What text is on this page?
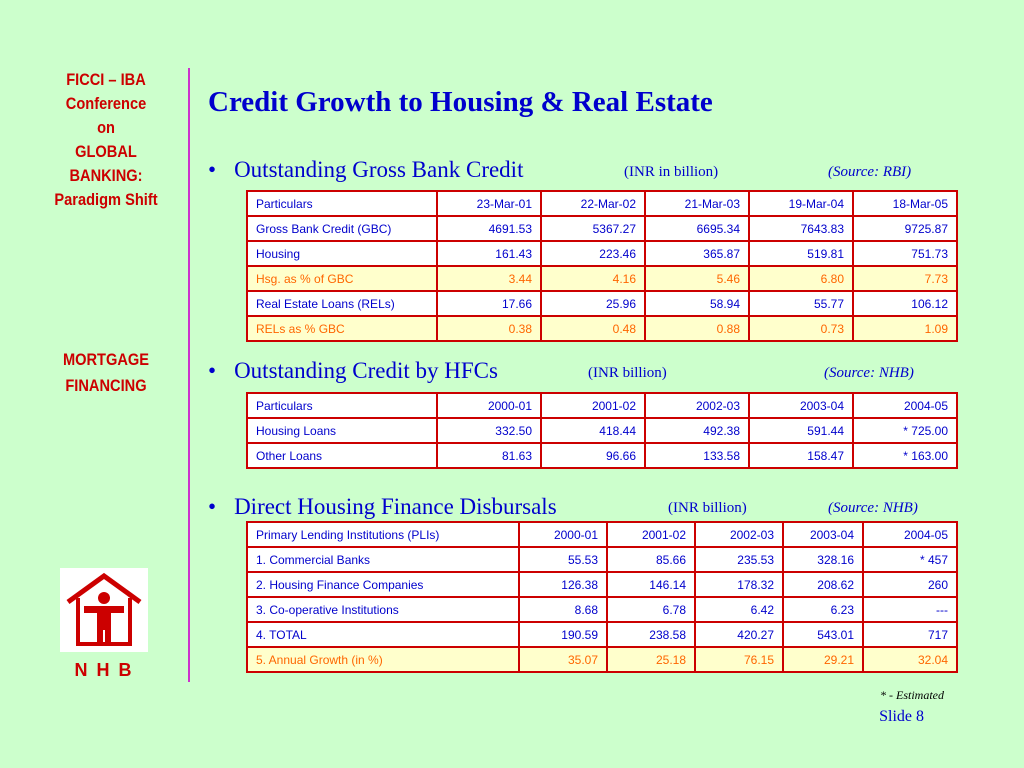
FICCI – IBA
Conference
on
GLOBAL
BANKING:
Paradigm Shift
MORTGAGE
FINANCING
N H B
Credit Growth to Housing & Real Estate
• Outstanding Gross Bank Credit	(INR in billion)	(Source: RBI)
Particulars	23-Mar-01	22-Mar-02	21-Mar-03	19-Mar-04	18-Mar-05
Gross Bank Credit (GBC)	4691.53	5367.27	6695.34	7643.83	9725.87
Housing	161.43	223.46	365.87	519.81	751.73
Hsg. as % of GBC	3.44	4.16	5.46	6.80	7.73
Real Estate Loans (RELs)	17.66	25.96	58.94	55.77	106.12
RELs as % GBC	0.38	0.48	0.88	0.73	1.09
• Outstanding Credit by HFCs	(INR billion)	(Source: NHB)
Particulars	2000-01	2001-02	2002-03	2003-04	2004-05
Housing Loans	332.50	418.44	492.38	591.44	* 725.00
Other Loans	81.63	96.66	133.58	158.47	* 163.00
• Direct Housing Finance Disbursals	(INR billion)	(Source: NHB)
Primary Lending Institutions (PLIs)	2000-01	2001-02	2002-03	2003-04	2004-05
1. Commercial Banks	55.53	85.66	235.53	328.16	* 457
2. Housing Finance Companies	126.38	146.14	178.32	208.62	260
3. Co-operative Institutions	8.68	6.78	6.42	6.23	---
4. TOTAL	190.59	238.58	420.27	543.01	717
5. Annual Growth (in %)	35.07	25.18	76.15	29.21	32.04
* - Estimated
Slide 8
